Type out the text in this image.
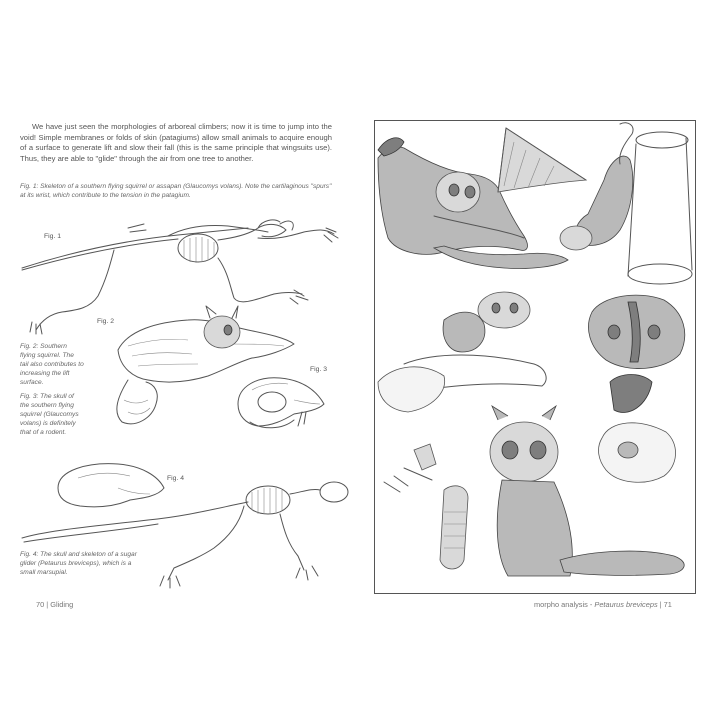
We have just seen the morphologies of arboreal climbers; now it is time to jump into the void! Simple membranes or folds of skin (patagiums) allow small animals to acquire enough of a surface to generate lift and slow their fall (this is the same principle that wingsuits use). Thus, they are able to "glide" through the air from one tree to another.

Fig. 1: Skeleton of a southern flying squirrel or assapan (Glaucomys volans). Note the cartilaginous "spurs" at its wrist, which contribute to the tension in the patagium.

Fig. 2: Southern flying squirrel. The tail also contributes to increasing the lift surface.

Fig. 3: The skull of the southern flying squirrel (Glaucomys volans) is definitely that of a rodent.

Fig. 4: The skull and skeleton of a sugar glider (Petaurus breviceps), which is a small marsupial.

Fig. 1
Fig. 2
Fig. 3
Fig. 4
70 | Gliding	morpho analysis - Petaurus breviceps | 71
